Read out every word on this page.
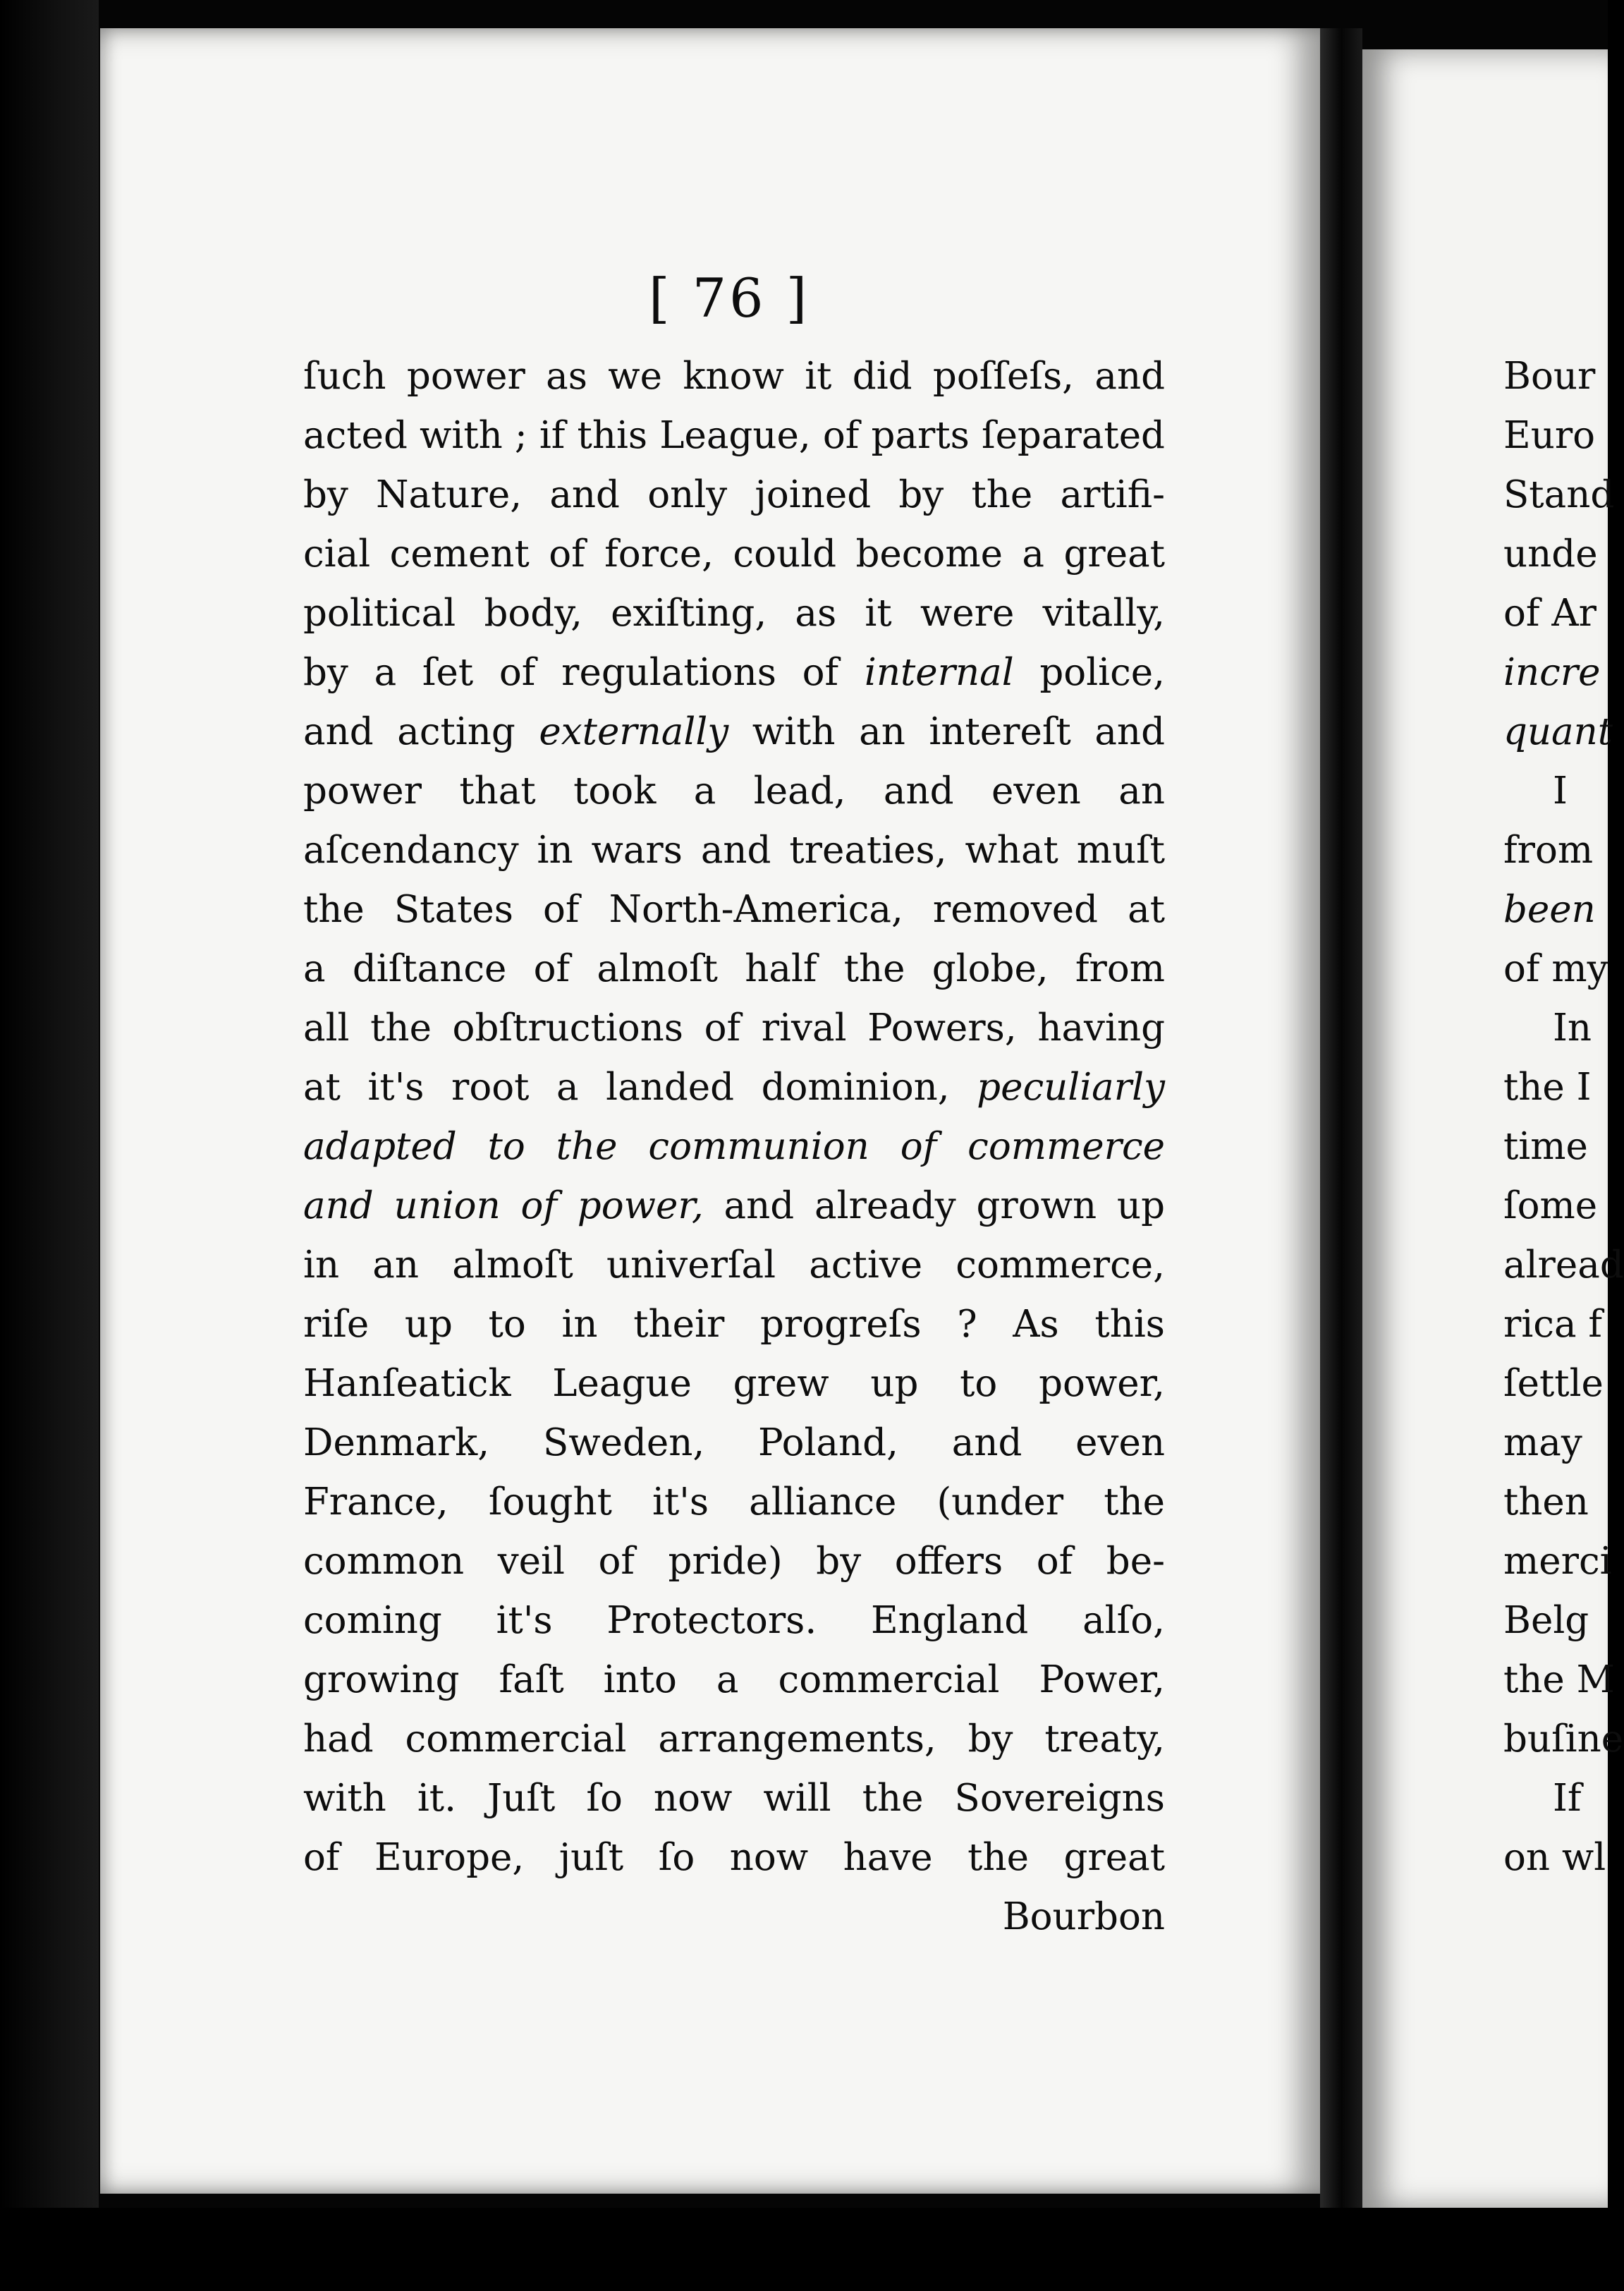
[ 76 ]
ſuch power as we know it did poſſeſs, and
acted with ; if this League, of parts ſeparated
by Nature, and only joined by the artifi-
cial cement of force, could become a great
political body, exiſting, as it were vitally,
by a ſet of regulations of internal police,
and acting externally with an intereſt and
power that took a lead, and even an
aſcendancy in wars and treaties, what muſt
the States of North-America, removed at
a diſtance of almoſt half the globe, from
all the obſtructions of rival Powers, having
at it's root a landed dominion, peculiarly
adapted to the communion of commerce
and union of power, and already grown up
in an almoſt univerſal active commerce,
riſe up to in their progreſs ? As this
Hanſeatick League grew up to power,
Denmark, Sweden, Poland, and even
France, ſought it's alliance (under the
common veil of pride) by offers of be-
coming it's Protectors. England alſo,
growing faſt into a commercial Power,
had commercial arrangements, by treaty,
with it. Juſt ſo now will the Sovereigns
of Europe, juſt ſo now have the great
Bourbon
Bour
Euro
Stand
unde
of Ar
incre
quant
I
from
been
of my
In
the I
time
ſome
alread
rica f
ſettle
may
then
merci
Belg
the M
buſine
If
on wl
